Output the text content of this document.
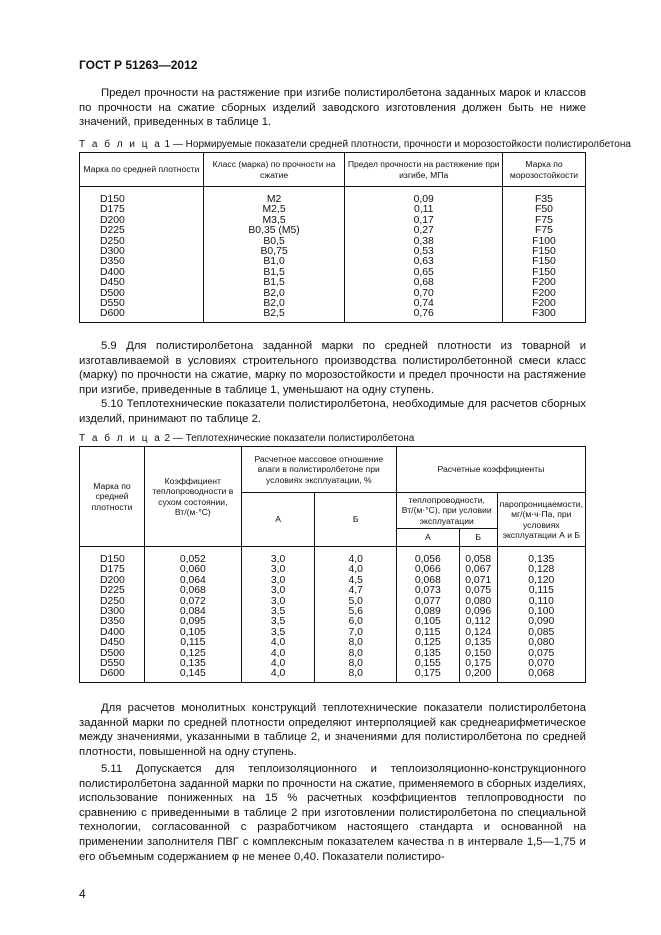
ГОСТ Р 51263—2012
Предел прочности на растяжение при изгибе полистиролбетона заданных марок и классов по прочности на сжатие сборных изделий заводского изготовления должен быть не ниже значений, приведенных в таблице 1.
Т а б л и ц а 1 — Нормируемые показатели средней плотности, прочности и морозостойкости полистиролбетона
Марка по средней плотности	Класс (марка) по прочности на сжатие	Предел прочности на растяжение при изгибе, МПа	Марка по морозостойкости
D150	M2	0,09	F35
D175	M2,5	0,11	F50
D200	M3,5	0,17	F75
D225	B0,35 (M5)	0,27	F75
D250	B0,5	0,38	F100
D300	B0,75	0,53	F150
D350	B1,0	0,63	F150
D400	B1,5	0,65	F150
D450	B1,5	0,68	F200
D500	B2,0	0,70	F200
D550	B2,0	0,74	F200
D600	B2,5	0,76	F300
5.9 Для полистиролбетона заданной марки по средней плотности из товарной и изготавливаемой в условиях строительного производства полистиролбетонной смеси класс (марку) по прочности на сжатие, марку по морозостойкости и предел прочности на растяжение при изгибе, приведенные в таблице 1, уменьшают на одну ступень.
5.10 Теплотехнические показатели полистиролбетона, необходимые для расчетов сборных изделий, принимают по таблице 2.
Т а б л и ц а 2 — Теплотехнические показатели полистиролбетона
Марка по средней плотности	Коэффициент теплопроводности в сухом состоянии, Вт/(м·°С)	Расчетное массовое отношение влаги в полистиролбетоне при условиях эксплуатации, %		Расчетные коэффициенты		
		А	Б	теплопроводности, Вт/(м·°С), при условии эксплуатации		паропроницаемости, мг/(м·ч·Па, при условиях эксплуатации А и Б
				А	Б	
D150	0,052	3,0	4,0	0,056	0,058	0,135
D175	0,060	3,0	4,0	0,066	0,067	0,128
D200	0,064	3,0	4,5	0,068	0,071	0,120
D225	0,068	3,0	4,7	0,073	0,075	0,115
D250	0,072	3,0	5,0	0,077	0,080	0,110
D300	0,084	3,5	5,6	0,089	0,096	0,100
D350	0,095	3,5	6,0	0,105	0,112	0,090
D400	0,105	3,5	7,0	0,115	0,124	0,085
D450	0,115	4,0	8,0	0,125	0,135	0,080
D500	0,125	4,0	8,0	0,135	0,150	0,075
D550	0,135	4,0	8,0	0,155	0,175	0,070
D600	0,145	4,0	8,0	0,175	0,200	0,068
Для расчетов монолитных конструкций теплотехнические показатели полистиролбетона заданной марки по средней плотности определяют интерполяцией как среднеарифметическое между значениями, указанными в таблице 2, и значениями для полистиролбетона по средней плотности, повышенной на одну ступень.
5.11 Допускается для теплоизоляционного и теплоизоляционно-конструкционного полистиролбетона заданной марки по прочности на сжатие, применяемого в сборных изделиях, использование пониженных на 15 % расчетных коэффициентов теплопроводности по сравнению с приведенными в таблице 2 при изготовлении полистиролбетона по специальной технологии, согласованной с разработчиком настоящего стандарта и основанной на применении заполнителя ПВГ с комплексным показателем качества n в интервале 1,5—1,75 и его объемным содержанием φ не менее 0,40. Показатели полистиро-
4
